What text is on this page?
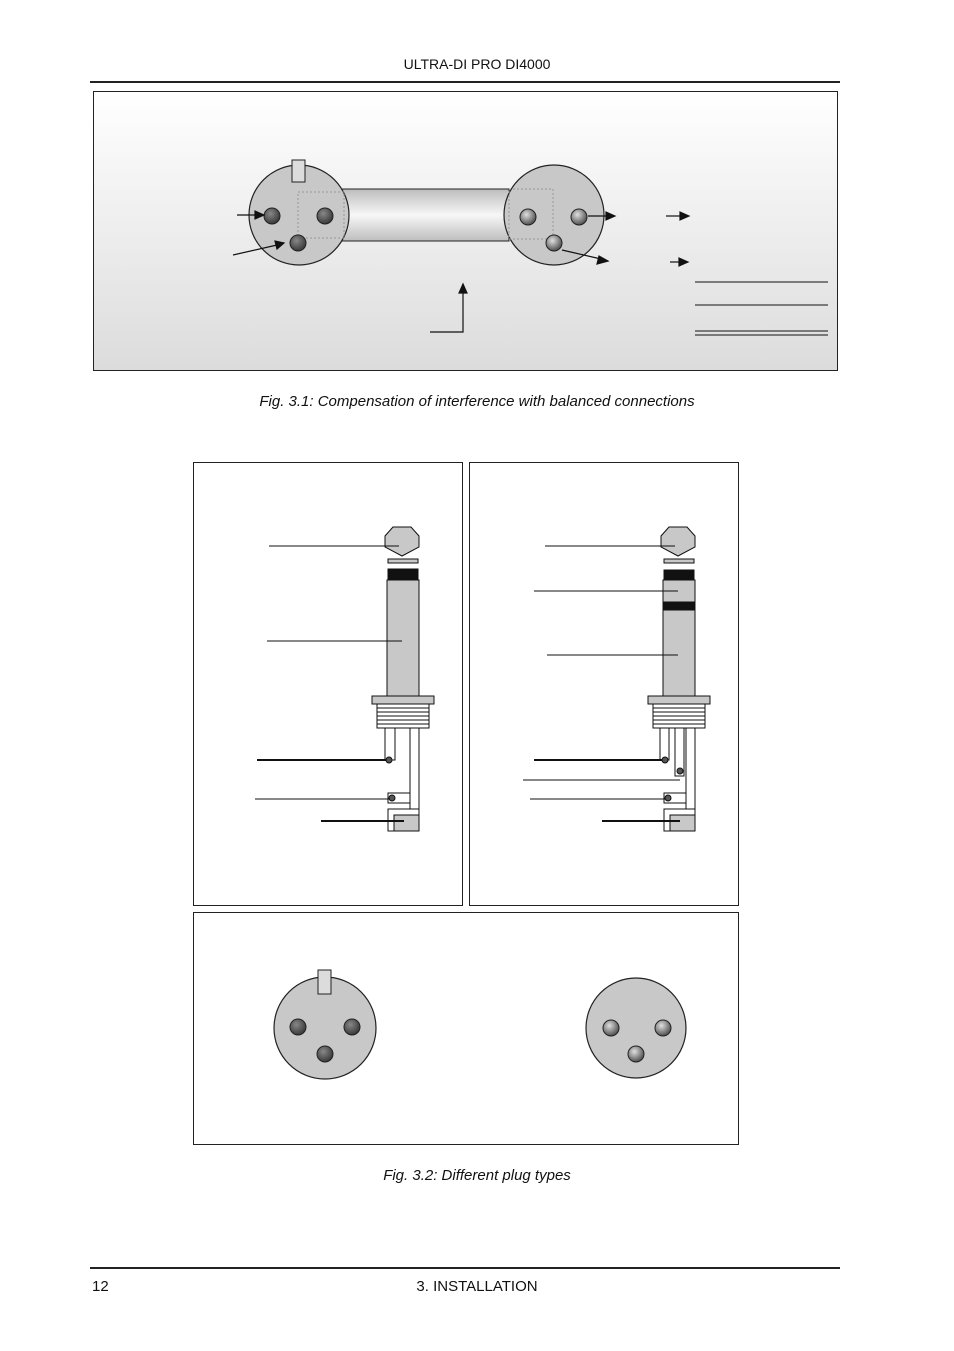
ULTRA-DI PRO DI4000
Fig. 3.1: Compensation of interference with balanced connections
Fig. 3.2: Different plug types
12	3. INSTALLATION
